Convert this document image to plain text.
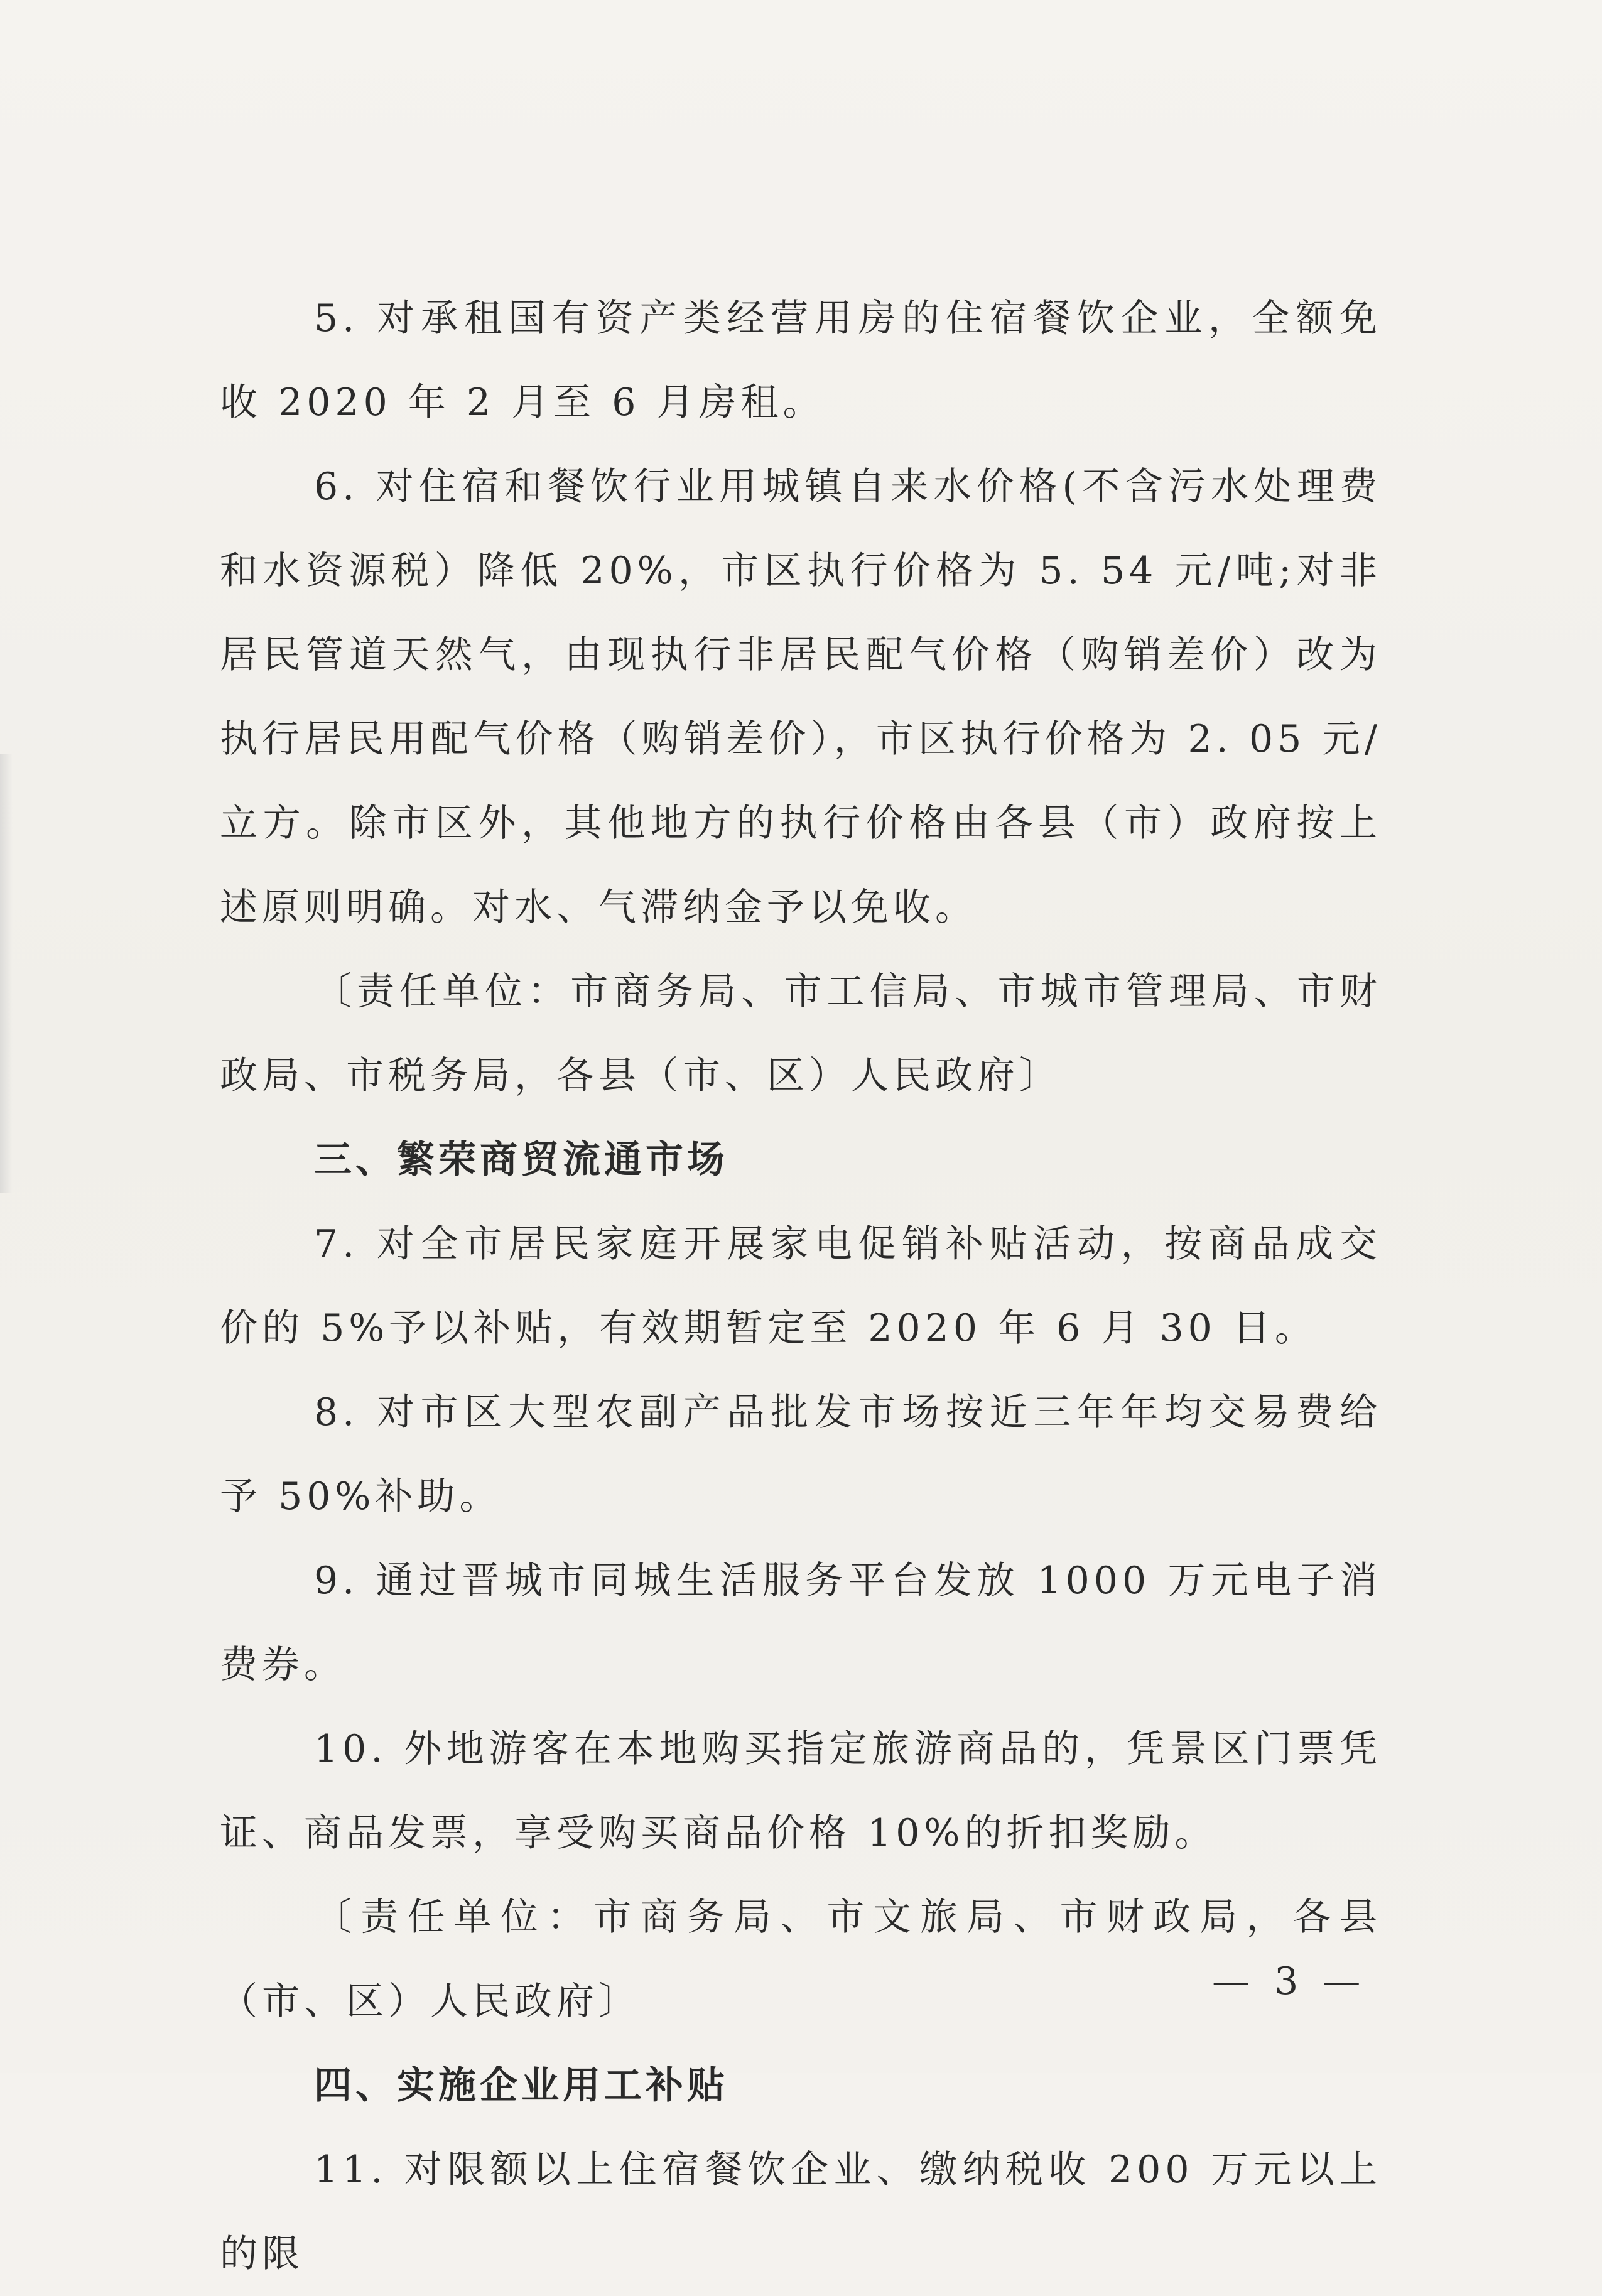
5. 对承租国有资产类经营用房的住宿餐饮企业，全额免收 2020 年 2 月至 6 月房租。

6. 对住宿和餐饮行业用城镇自来水价格(不含污水处理费和水资源税）降低 20%，市区执行价格为 5. 54 元/吨;对非居民管道天然气，由现执行非居民配气价格（购销差价）改为执行居民用配气价格（购销差价），市区执行价格为 2. 05 元/立方。除市区外，其他地方的执行价格由各县（市）政府按上述原则明确。对水、气滞纳金予以免收。

〔责任单位：市商务局、市工信局、市城市管理局、市财政局、市税务局，各县（市、区）人民政府〕

三、繁荣商贸流通市场

7. 对全市居民家庭开展家电促销补贴活动，按商品成交价的 5%予以补贴，有效期暂定至 2020 年 6 月 30 日。

8. 对市区大型农副产品批发市场按近三年年均交易费给予 50%补助。

9. 通过晋城市同城生活服务平台发放 1000 万元电子消费券。

10. 外地游客在本地购买指定旅游商品的，凭景区门票凭证、商品发票，享受购买商品价格 10%的折扣奖励。

〔责任单位：市商务局、市文旅局、市财政局，各县（市、区）人民政府〕

四、实施企业用工补贴

11. 对限额以上住宿餐饮企业、缴纳税收 200 万元以上的限

— 3 —
